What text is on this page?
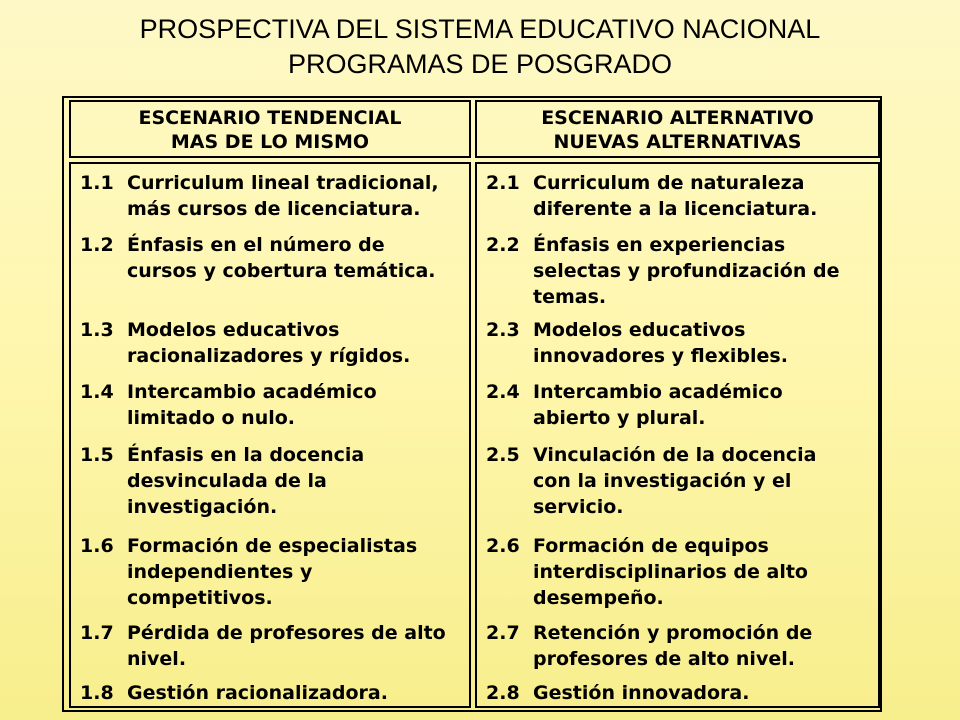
PROSPECTIVA DEL SISTEMA EDUCATIVO NACIONAL
PROGRAMAS DE POSGRADO
ESCENARIO TENDENCIAL
MAS DE LO MISMO
ESCENARIO ALTERNATIVO
NUEVAS ALTERNATIVAS
1.1 Curriculum lineal tradicional,
más cursos de licenciatura.
1.2 Énfasis en el número de
cursos y cobertura temática.
1.3 Modelos educativos
racionalizadores y rígidos.
1.4 Intercambio académico
limitado o nulo.
1.5 Énfasis en la docencia
desvinculada de la
investigación.
1.6 Formación de especialistas
independientes y
competitivos.
1.7 Pérdida de profesores de alto
nivel.
1.8 Gestión racionalizadora.
2.1 Curriculum de naturaleza
diferente a la licenciatura.
2.2 Énfasis en experiencias
selectas y profundización de
temas.
2.3 Modelos educativos
innovadores y flexibles.
2.4 Intercambio académico
abierto y plural.
2.5 Vinculación de la docencia
con la investigación y el
servicio.
2.6 Formación de equipos
interdisciplinarios de alto
desempeño.
2.7 Retención y promoción de
profesores de alto nivel.
2.8 Gestión innovadora.
